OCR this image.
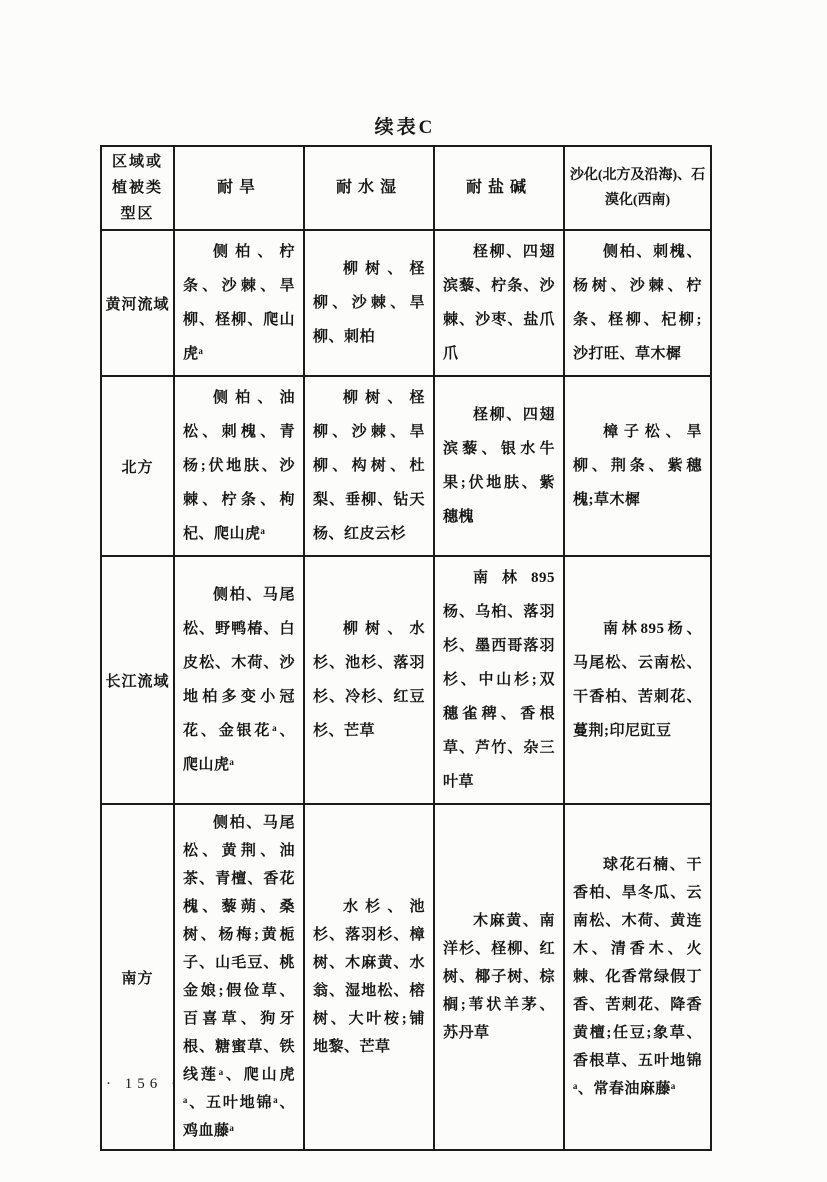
续表C
区域或植被类型区	耐旱	耐水湿	耐盐碱	沙化(北方及沿海)、石漠化(西南)
黄河流域	侧柏、柠条、沙棘、旱柳、柽柳、爬山虎ᵃ	柳树、柽柳、沙棘、旱柳、刺柏	柽柳、四翅滨藜、柠条、沙棘、沙枣、盐爪爪	侧柏、刺槐、杨树、沙棘、柠条、柽柳、杞柳;沙打旺、草木樨

北方	侧柏、油松、刺槐、青杨;伏地肤、沙棘、柠条、枸杞、爬山虎ᵃ	柳树、柽柳、沙棘、旱柳、构树、杜梨、垂柳、钻天杨、红皮云杉	柽柳、四翅滨藜、银水牛果;伏地肤、紫穗槐	樟子松、旱柳、荆条、紫穗槐;草木樨

长江流域	侧柏、马尾松、野鸭椿、白皮松、木荷、沙地柏多变小冠花、金银花ᵃ、爬山虎ᵃ	柳树、水杉、池杉、落羽杉、冷杉、红豆杉、芒草	南林895杨、乌桕、落羽杉、墨西哥落羽杉、中山杉;双穗雀稗、香根草、芦竹、杂三叶草	南林895杨、马尾松、云南松、干香柏、苦刺花、蔓荆;印尼豇豆

南方	侧柏、马尾松、黄荆、油茶、青檀、香花槐、藜蒴、桑树、杨梅;黄栀子、山毛豆、桃金娘;假俭草、百喜草、狗牙根、糖蜜草、铁线莲ᵃ、爬山虎ᵃ、五叶地锦ᵃ、鸡血藤ᵃ	水杉、池杉、落羽杉、樟树、木麻黄、水翁、湿地松、榕树、大叶桉;铺地黎、芒草	木麻黄、南洋杉、柽柳、红树、椰子树、棕榈;苇状羊茅、苏丹草	球花石楠、干香柏、旱冬瓜、云南松、木荷、黄连木、清香木、火棘、化香常绿假丁香、苦刺花、降香黄檀;任豆;象草、香根草、五叶地锦ᵃ、常春油麻藤ᵃ
· 156 ·
